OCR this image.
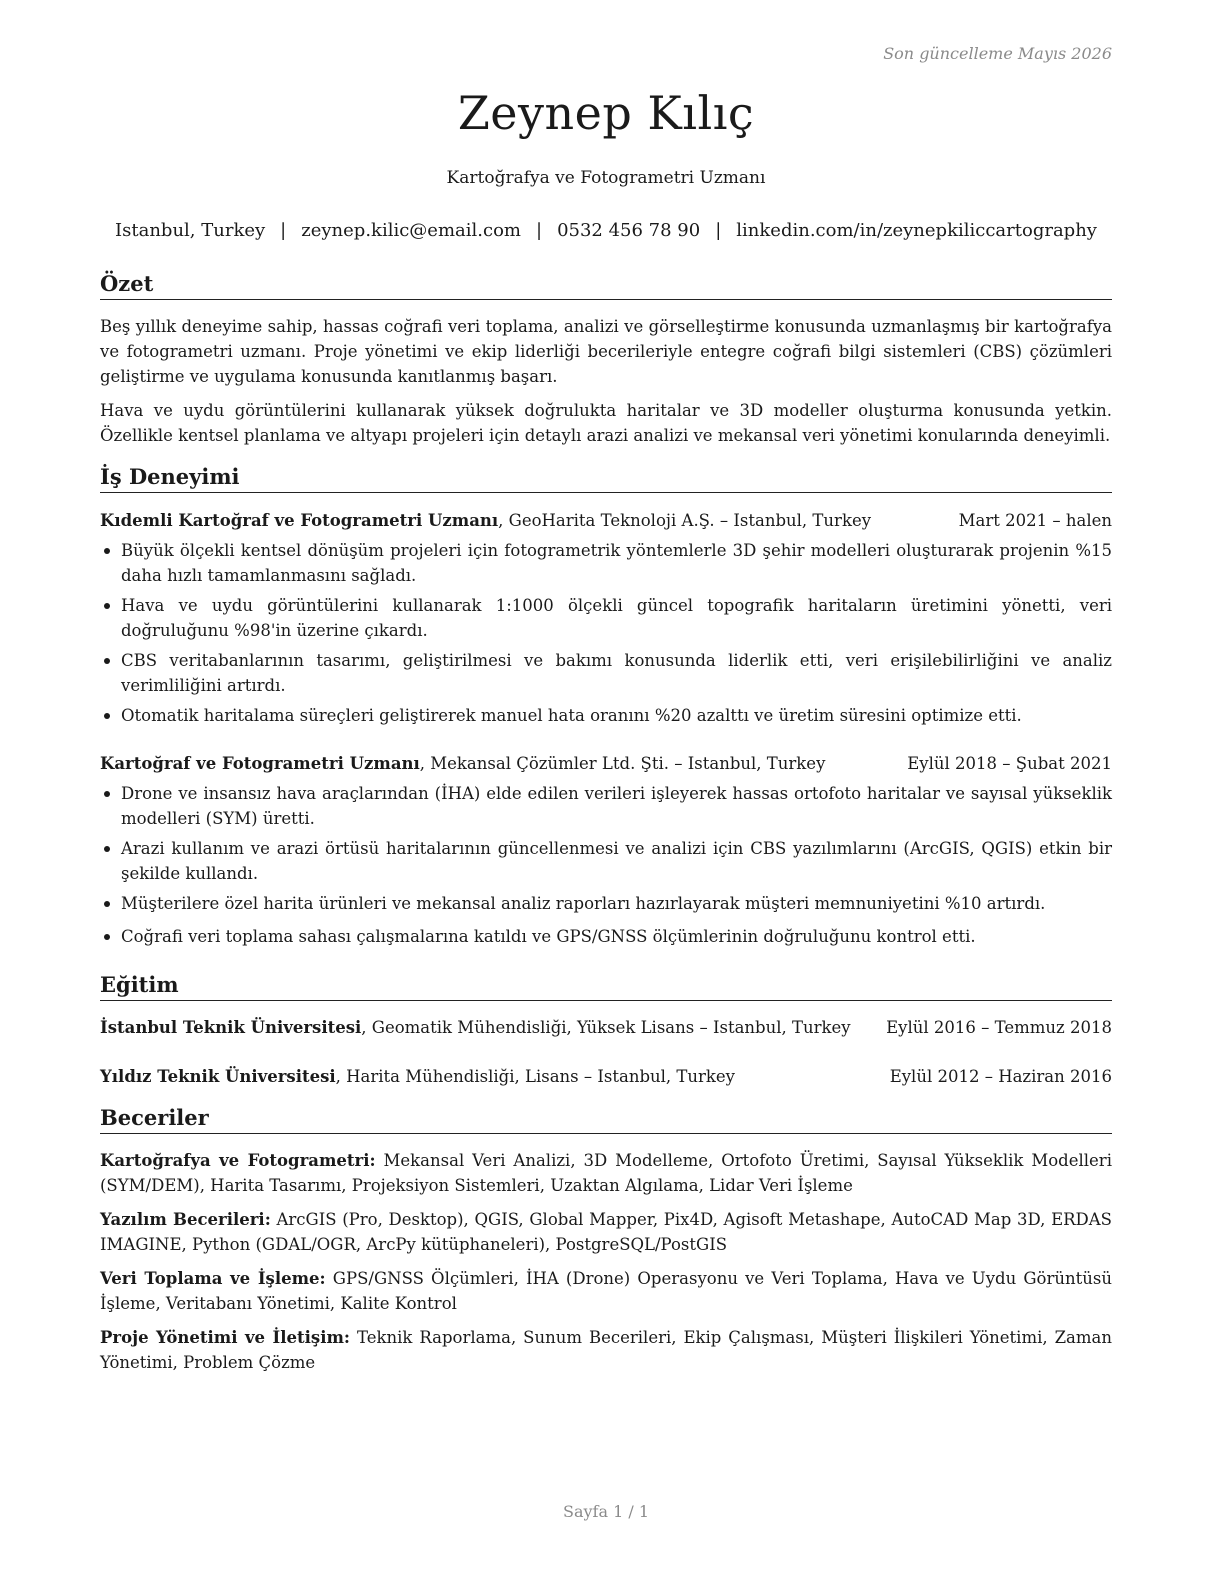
Son güncelleme Mayıs 2026
Zeynep Kılıç
Kartoğrafya ve Fotogrametri Uzmanı
Istanbul, Turkey | zeynep.kilic@email.com | 0532 456 78 90 | linkedin.com/in/zeynepkiliccartography
Özet

Beş yıllık deneyime sahip, hassas coğrafi veri toplama, analizi ve görselleştirme konusunda uzmanlaşmış bir kartoğrafya ve fotogrametri uzmanı. Proje yönetimi ve ekip liderliği becerileriyle entegre coğrafi bilgi sistemleri (CBS) çözümleri geliştirme ve uygulama konusunda kanıtlanmış başarı.

Hava ve uydu görüntülerini kullanarak yüksek doğrulukta haritalar ve 3D modeller oluşturma konusunda yetkin. Özellikle kentsel planlama ve altyapı projeleri için detaylı arazi analizi ve mekansal veri yönetimi konularında deneyimli.

İş Deneyimi
Kıdemli Kartoğraf ve Fotogrametri Uzmanı, GeoHarita Teknoloji A.Ş. – Istanbul, Turkey	Mart 2021 – halen
Büyük ölçekli kentsel dönüşüm projeleri için fotogrametrik yöntemlerle 3D şehir modelleri oluşturarak projenin %15 daha hızlı tamamlanmasını sağladı.
Hava ve uydu görüntülerini kullanarak 1:1000 ölçekli güncel topografik haritaların üretimini yönetti, veri doğruluğunu %98'in üzerine çıkardı.
CBS veritabanlarının tasarımı, geliştirilmesi ve bakımı konusunda liderlik etti, veri erişilebilirliğini ve analiz verimliliğini artırdı.
Otomatik haritalama süreçleri geliştirerek manuel hata oranını %20 azalttı ve üretim süresini optimize etti.
Kartoğraf ve Fotogrametri Uzmanı, Mekansal Çözümler Ltd. Şti. – Istanbul, Turkey	Eylül 2018 – Şubat 2021
Drone ve insansız hava araçlarından (İHA) elde edilen verileri işleyerek hassas ortofoto haritalar ve sayısal yükseklik modelleri (SYM) üretti.
Arazi kullanım ve arazi örtüsü haritalarının güncellenmesi ve analizi için CBS yazılımlarını (ArcGIS, QGIS) etkin bir şekilde kullandı.
Müşterilere özel harita ürünleri ve mekansal analiz raporları hazırlayarak müşteri memnuniyetini %10 artırdı.
Coğrafi veri toplama sahası çalışmalarına katıldı ve GPS/GNSS ölçümlerinin doğruluğunu kontrol etti.
Eğitim
İstanbul Teknik Üniversitesi, Geomatik Mühendisliği, Yüksek Lisans – Istanbul, Turkey Eylül 2016 – Temmuz 2018
Yıldız Teknik Üniversitesi, Harita Mühendisliği, Lisans – Istanbul, Turkey	Eylül 2012 – Haziran 2016
Beceriler

Kartoğrafya ve Fotogrametri: Mekansal Veri Analizi, 3D Modelleme, Ortofoto Üretimi, Sayısal Yükseklik Modelleri (SYM/DEM), Harita Tasarımı, Projeksiyon Sistemleri, Uzaktan Algılama, Lidar Veri İşleme

Yazılım Becerileri: ArcGIS (Pro, Desktop), QGIS, Global Mapper, Pix4D, Agisoft Metashape, AutoCAD Map 3D, ERDAS IMAGINE, Python (GDAL/OGR, ArcPy kütüphaneleri), PostgreSQL/PostGIS

Veri Toplama ve İşleme: GPS/GNSS Ölçümleri, İHA (Drone) Operasyonu ve Veri Toplama, Hava ve Uydu Görüntüsü İşleme, Veritabanı Yönetimi, Kalite Kontrol

Proje Yönetimi ve İletişim: Teknik Raporlama, Sunum Becerileri, Ekip Çalışması, Müşteri İlişkileri Yönetimi, Zaman Yönetimi, Problem Çözme

Sayfa 1 / 1
